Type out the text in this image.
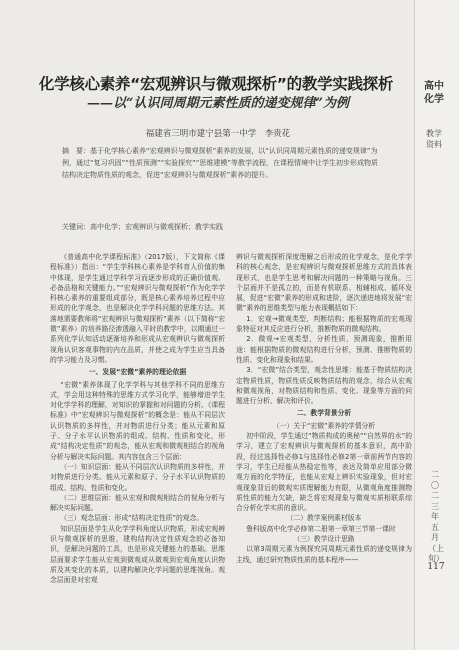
高中化学
教学资料
二〇二三年五月（上旬）
117
化学核心素养“宏观辨识与微观探析”的教学实践探析
——以“认识同周期元素性质的递变规律”为例
福建省三明市建宁县第一中学　李贵花
摘　要：基于化学核心素养“宏观辨识与微观探析”素养的发展，以“认识同周期元素性质的递变规律”为例，通过“复习巩固”“性质预测”“实验探究”“思维建模”等教学流程，在课程情境中让学生初步形成物质结构决定物质性质的观念，促进“宏观辨识与微观探析”素养的提升。
关键词：高中化学；宏观辨识与微观探析；教学实践

《普通高中化学课程标准》（2017版），下文简称《课程标准》）指出：“学生学科核心素养是学科育人价值的集中体现，是学生通过学科学习而逐步形成的正确价值观、必备品格和关键能力。”“宏观辨识与微观探析”作为化学学科核心素养的重要组成部分，既是核心素养培养过程中应形成的化学观念，也是解决化学学科问题的思维方法。其落地需要教师将“宏观辨识与微观探析”素养（以下简称“宏微”素养）的培养路径渗透融入平时的教学中，以期通过一系列化学认知活动逐渐培养和形成从宏观辨识与微观探析视角认识客观事物的内在品质，并使之成为学生应当具备的学习能力及习惯。

一、发展“宏微”素养的理论依据

“宏微”素养体现了化学学科与其他学科不同的思维方式，学会用这种特殊的思维方式学习化学，能够增进学生对化学学科的理解，对知识的掌握和对问题的分析。《课程标准》中“宏观辨识与微观探析”的概念是：能从不同层次认识物质的多样性，并对物质进行分类；能从元素和原子、分子水平认识物质的组成、结构、性质和变化，形成“结构决定性质”的观念，能从宏观和微观相结合的视角分析与解决实际问题。其内容包含三个层面：

（一）知识层面：能从不同层次认识物质的多样性，并对物质进行分类。能从元素和原子、分子水平认识物质的组成、结构、性质和变化。

（二）思维层面：能从宏观和微观相结合的视角分析与解决实际问题。

（三）观念层面：形成“结构决定性质”的观念。

知识层面是学生从化学学科角度认识物质，形成宏观辨识与微观探析的思维，建构结构决定性质观念的必备知识，是解决问题的工具，也是形成关键能力的基础。思维层面要求学生能从宏观到微观或从微观到宏观角度认识物质及其变化的本质，以建构解决化学问题的思维视角。观念层面是对宏观

辨识与微观探析深度理解之后形成的化学观念，是化学学科的核心观念，是宏观辨识与微观探析思维方式的具体表现形式，也是学生思考和解决问题的一种策略与视角。三个层面并不是孤立的，而是有机联系、相辅相成、循环发展，促进“宏微”素养的形成和进阶，逐次递进地将发展“宏微”素养的思维类型与能力表现概括如下：

1．宏观→微观类型，判断结构；能根据物质的宏观现象特征对其反应进行分析，推断物质的微观结构。

2．微观→宏观类型，分析性质，预测现象，推断用途：能根据物质的微观结构进行分析，预测、推断物质的性质、变化和现象和结果。

3．“宏微”结合类型，观念性思维：能基于物质结构决定物质性质，物质性质反映物质结构的观念，综合从宏观和微观视角，对物质结构和性质、变化、现象等方面的问题进行分析、解决和评价。

二、教学背景分析

（一）关于“宏微”素养的学情分析

初中阶段，学生通过“物质构成的奥秘”“自然界的水”的学习，建立了宏观辨识与微观探析的基本意识，高中阶段，经过选择性必修1与选择性必修2第一章前两节内容的学习，学生已经能从热稳定性等，表达及简单应用部分微观方面的化学特征，也能从宏观上辨识实验现象，但对宏观现象背后的微观实质理解能力有限，从微观角度推测物质性质的能力欠缺，缺乏将宏观现象与微观实质相联系综合分析化学实质的意识。

（二）教学案例素材版本

鲁科版高中化学必修第二册第一章第三节第一课时

（三）教学设计思路

以第3周期元素为例探究同周期元素性质的递变规律为主线，通过研究物质性质的基本程序——
